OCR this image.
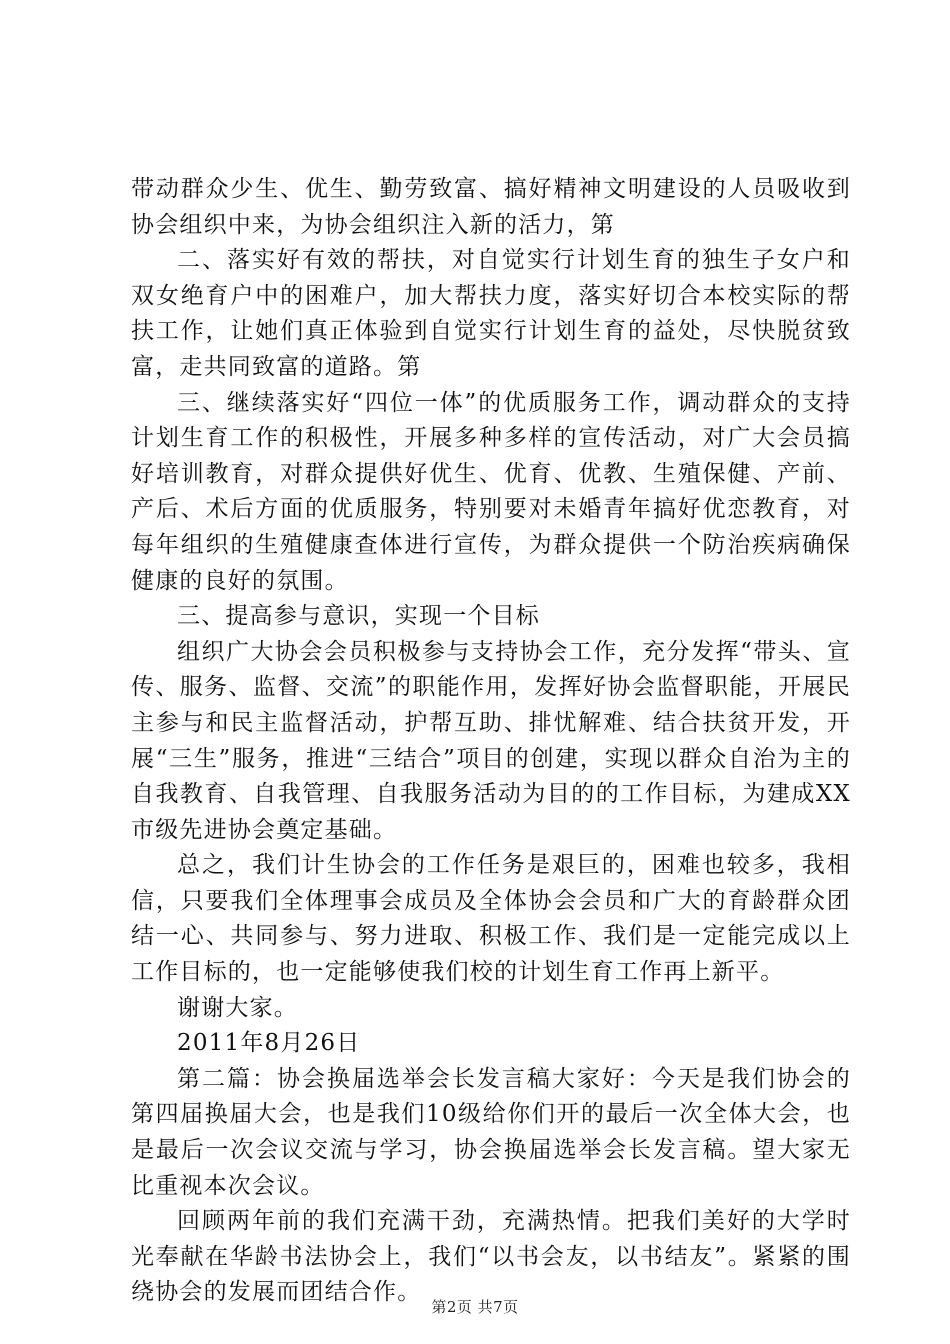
带动群众少生、优生、勤劳致富、搞好精神文明建设的人员吸收到协会组织中来，为协会组织注入新的活力，第

二、落实好有效的帮扶，对自觉实行计划生育的独生子女户和双女绝育户中的困难户，加大帮扶力度，落实好切合本校实际的帮扶工作，让她们真正体验到自觉实行计划生育的益处，尽快脱贫致富，走共同致富的道路。第

三、继续落实好“四位一体”的优质服务工作，调动群众的支持计划生育工作的积极性，开展多种多样的宣传活动，对广大会员搞好培训教育，对群众提供好优生、优育、优教、生殖保健、产前、产后、术后方面的优质服务，特别要对未婚青年搞好优恋教育，对每年组织的生殖健康查体进行宣传，为群众提供一个防治疾病确保健康的良好的氛围。

三、提高参与意识，实现一个目标

组织广大协会会员积极参与支持协会工作，充分发挥“带头、宣传、服务、监督、交流”的职能作用，发挥好协会监督职能，开展民主参与和民主监督活动，护帮互助、排忧解难、结合扶贫开发，开展“三生”服务，推进“三结合”项目的创建，实现以群众自治为主的自我教育、自我管理、自我服务活动为目的的工作目标，为建成XX市级先进协会奠定基础。

总之，我们计生协会的工作任务是艰巨的，困难也较多，我相信，只要我们全体理事会成员及全体协会会员和广大的育龄群众团结一心、共同参与、努力进取、积极工作、我们是一定能完成以上工作目标的，也一定能够使我们校的计划生育工作再上新平。

谢谢大家。

2011年8月26日

第二篇：协会换届选举会长发言稿大家好：今天是我们协会的第四届换届大会，也是我们10级给你们开的最后一次全体大会，也是最后一次会议交流与学习，协会换届选举会长发言稿。望大家无比重视本次会议。

回顾两年前的我们充满干劲，充满热情。把我们美好的大学时光奉献在华龄书法协会上，我们“以书会友，以书结友”。紧紧的围绕协会的发展而团结合作。

第2页 共7页
